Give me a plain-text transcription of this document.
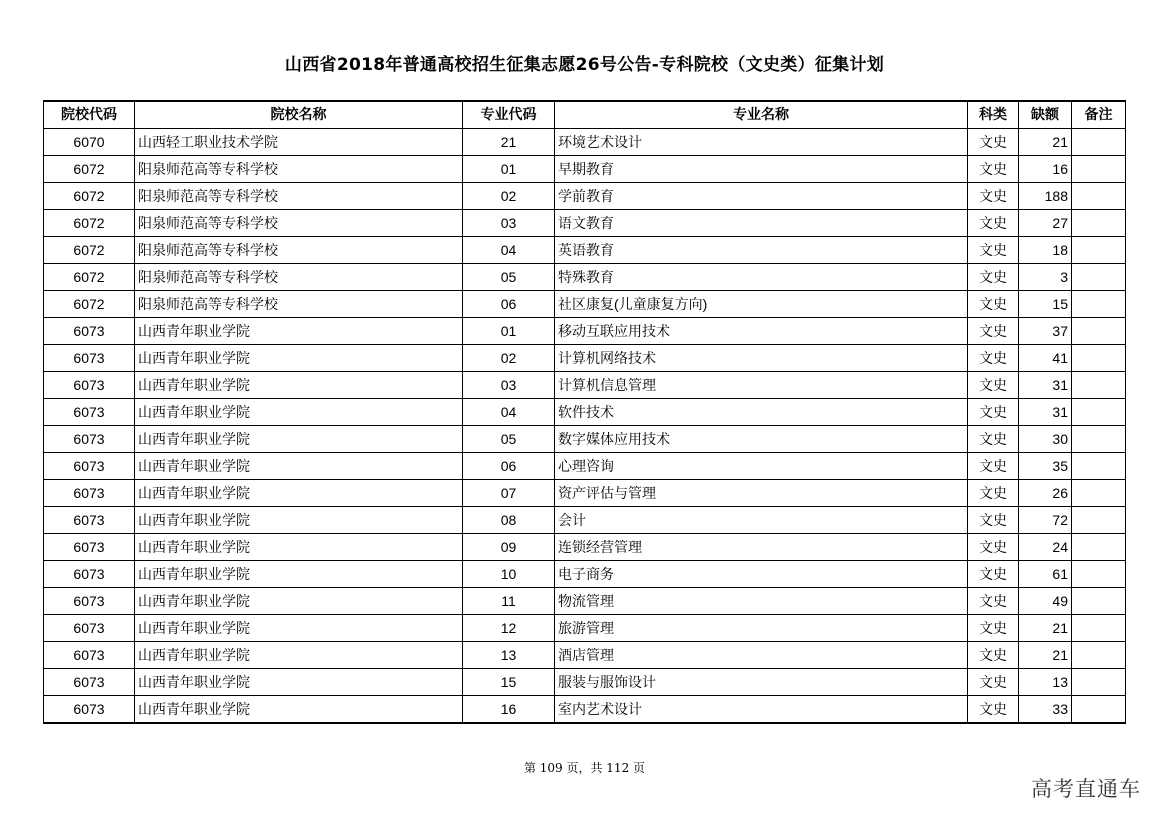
山西省2018年普通高校招生征集志愿26号公告-专科院校（文史类）征集计划
院校代码	院校名称	专业代码	专业名称	科类	缺额	备注
6070	山西轻工职业技术学院	21	环境艺术设计	文史	21	
6072	阳泉师范高等专科学校	01	早期教育	文史	16	
6072	阳泉师范高等专科学校	02	学前教育	文史	188	
6072	阳泉师范高等专科学校	03	语文教育	文史	27	
6072	阳泉师范高等专科学校	04	英语教育	文史	18	
6072	阳泉师范高等专科学校	05	特殊教育	文史	3	
6072	阳泉师范高等专科学校	06	社区康复(儿童康复方向)	文史	15	
6073	山西青年职业学院	01	移动互联应用技术	文史	37	
6073	山西青年职业学院	02	计算机网络技术	文史	41	
6073	山西青年职业学院	03	计算机信息管理	文史	31	
6073	山西青年职业学院	04	软件技术	文史	31	
6073	山西青年职业学院	05	数字媒体应用技术	文史	30	
6073	山西青年职业学院	06	心理咨询	文史	35	
6073	山西青年职业学院	07	资产评估与管理	文史	26	
6073	山西青年职业学院	08	会计	文史	72	
6073	山西青年职业学院	09	连锁经营管理	文史	24	
6073	山西青年职业学院	10	电子商务	文史	61	
6073	山西青年职业学院	11	物流管理	文史	49	
6073	山西青年职业学院	12	旅游管理	文史	21	
6073	山西青年职业学院	13	酒店管理	文史	21	
6073	山西青年职业学院	15	服装与服饰设计	文史	13	
6073	山西青年职业学院	16	室内艺术设计	文史	33	
第 109 页，共 112 页
高考直通车
